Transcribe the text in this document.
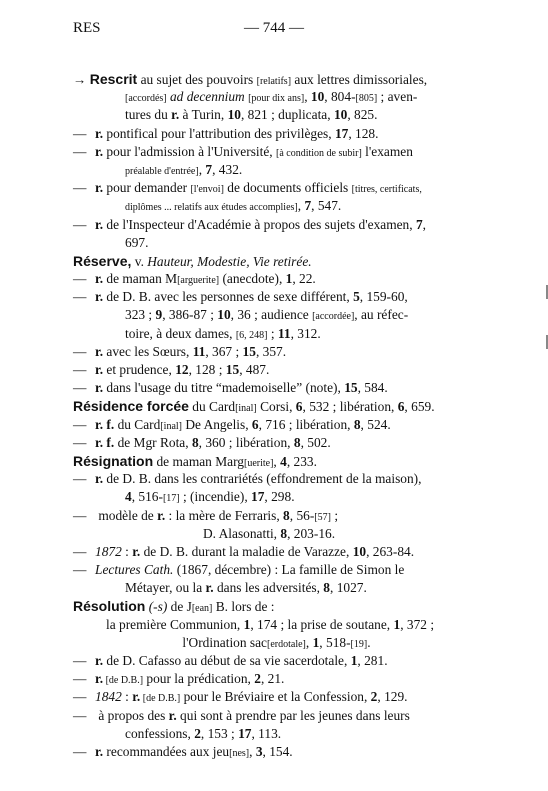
RES	— 744 —
→ Rescrit au sujet des pouvoirs [relatifs] aux lettres dimissoriales,
[accordés] ad decennium [pour dix ans], 10, 804-[805] ; aven-
tures du r. à Turin, 10, 821 ; duplicata, 10, 825.
— r. pontifical pour l'attribution des privilèges, 17, 128.
— r. pour l'admission à l'Université, [à condition de subir] l'examen
préalable d'entrée], 7, 432.
— r. pour demander [l'envoi] de documents officiels [titres, certificats,
diplômes ... relatifs aux études accomplies], 7, 547.
— r. de l'Inspecteur d'Académie à propos des sujets d'examen, 7,
697.
Réserve, v. Hauteur, Modestie, Vie retirée.
— r. de maman M[arguerite] (anecdote), 1, 22.
— r. de D. B. avec les personnes de sexe différent, 5, 159-60,
323 ; 9, 386-87 ; 10, 36 ; audience [accordée], au réfec-
toire, à deux dames, [6, 248] ; 11, 312.
— r. avec les Sœurs, 11, 367 ; 15, 357.
— r. et prudence, 12, 128 ; 15, 487.
— r. dans l'usage du titre “mademoiselle” (note), 15, 584.
Résidence forcée du Card[inal] Corsi, 6, 532 ; libération, 6, 659.
— r. f. du Card[inal] De Angelis, 6, 716 ; libération, 8, 524.
— r. f. de Mgr Rota, 8, 360 ; libération, 8, 502.
Résignation de maman Marg[uerite], 4, 233.
— r. de D. B. dans les contrariétés (effondrement de la maison),
4, 516-[17] ; (incendie), 17, 298.
— modèle de r. : la mère de Ferraris, 8, 56-[57] ;
D. Alasonatti, 8, 203-16.
— 1872 : r. de D. B. durant la maladie de Varazze, 10, 263-84.
— Lectures Cath. (1867, décembre) : La famille de Simon le
Métayer, ou la r. dans les adversités, 8, 1027.
Résolution (-s) de J[ean] B. lors de :
la première Communion, 1, 174 ; la prise de soutane, 1, 372 ;
l'Ordination sac[erdotale], 1, 518-[19].
— r. de D. Cafasso au début de sa vie sacerdotale, 1, 281.
— r. [de D.B.] pour la prédication, 2, 21.
— 1842 : r. [de D.B.] pour le Bréviaire et la Confession, 2, 129.
— à propos des r. qui sont à prendre par les jeunes dans leurs
confessions, 2, 153 ; 17, 113.
— r. recommandées aux jeu[nes], 3, 154.
